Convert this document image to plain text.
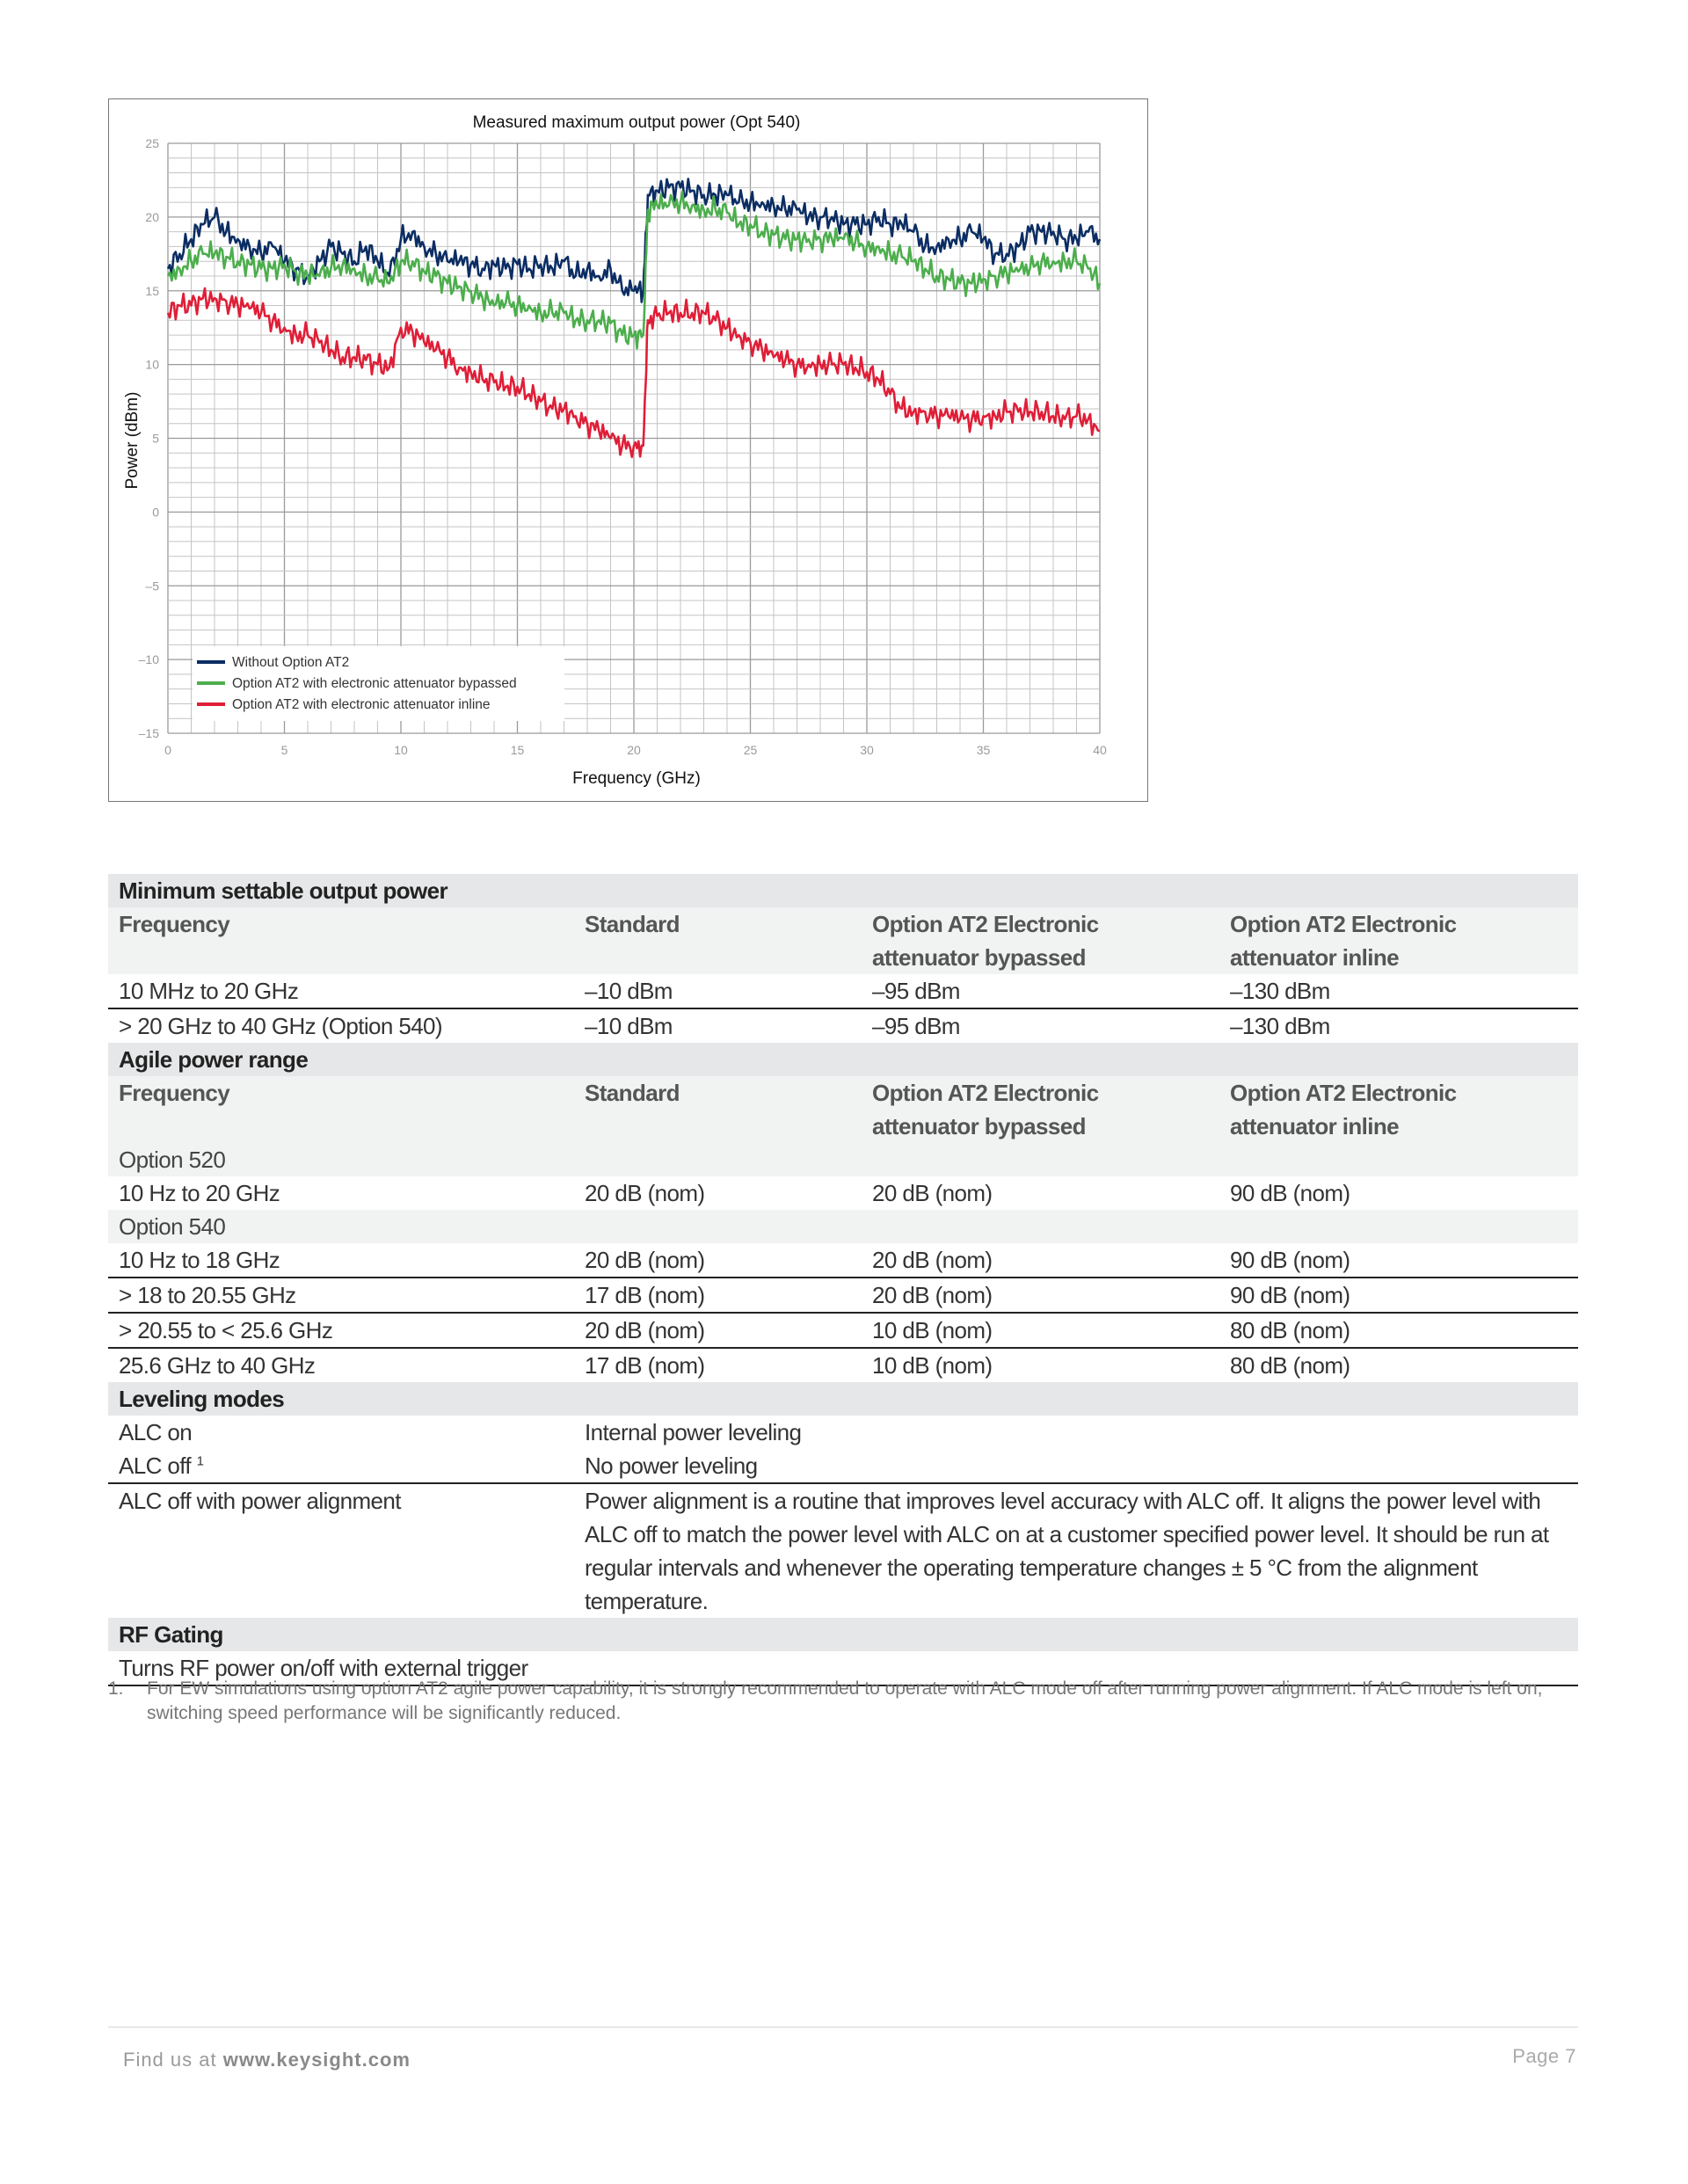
Measured maximum output power (Opt 540)
25
20
15
10
5
0
–5
–10
–15
0	5	10	15	20	25	30	35	40
Without Option AT2
Option AT2 with electronic attenuator bypassed
Option AT2 with electronic attenuator inline
Frequency (GHz)
Power (dBm)
Minimum settable output power			
Frequency	Standard	Option AT2 Electronic attenuator bypassed	Option AT2 Electronic attenuator inline
10 MHz to 20 GHz	–10 dBm	–95 dBm	–130 dBm
> 20 GHz to 40 GHz (Option 540)	–10 dBm	–95 dBm	–130 dBm
Agile power range			
Frequency	Standard	Option AT2 Electronic attenuator bypassed	Option AT2 Electronic attenuator inline
Option 520			
10 Hz to 20 GHz	20 dB (nom)	20 dB (nom)	90 dB (nom)
Option 540			
10 Hz to 18 GHz	20 dB (nom)	20 dB (nom)	90 dB (nom)
> 18 to 20.55 GHz	17 dB (nom)	20 dB (nom)	90 dB (nom)
> 20.55 to < 25.6 GHz	20 dB (nom)	10 dB (nom)	80 dB (nom)
25.6 GHz to 40 GHz	17 dB (nom)	10 dB (nom)	80 dB (nom)
Leveling modes			
ALC on	Internal power leveling		
ALC off $^1$	No power leveling		
ALC off with power alignment	Power alignment is a routine that improves level accuracy with ALC off. It aligns the power level with ALC off to match the power level with ALC on at a customer specified power level. It should be run at regular intervals and whenever the operating temperature changes ± 5 °C from the alignment temperature.		
RF Gating			
Turns RF power on/off with external trigger			
1. For EW simulations using option AT2 agile power capability, it is strongly recommended to operate with ALC mode off after running power alignment. If ALC mode is left on, switching speed performance will be significantly reduced.
Find us at www.keysight.com	Page 7
